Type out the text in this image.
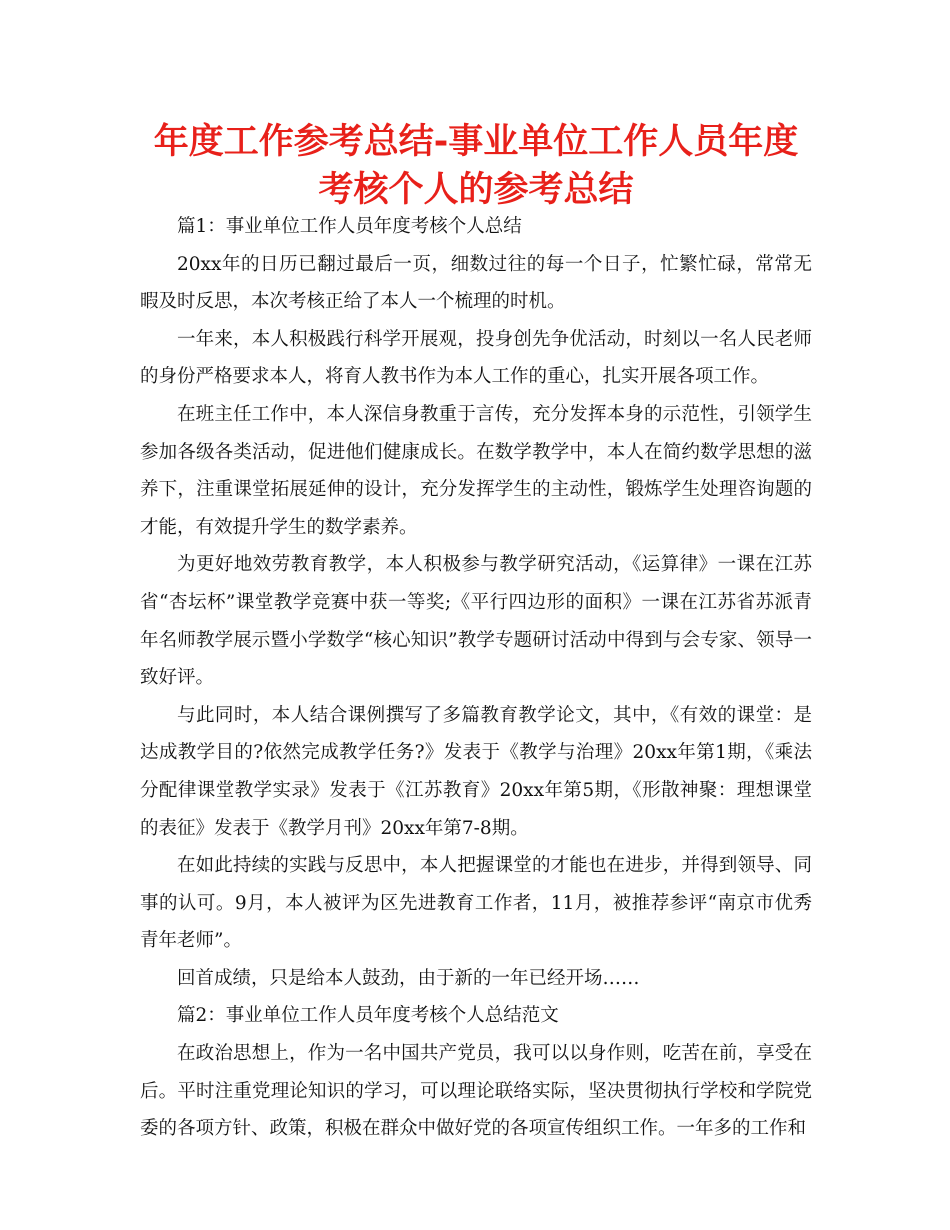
年度工作参考总结-事业单位工作人员年度考核个人的参考总结

篇1：事业单位工作人员年度考核个人总结

20xx年的日历已翻过最后一页，细数过往的每一个日子，忙繁忙碌，常常无暇及时反思，本次考核正给了本人一个梳理的时机。

一年来，本人积极践行科学开展观，投身创先争优活动，时刻以一名人民老师的身份严格要求本人，将育人教书作为本人工作的重心，扎实开展各项工作。

在班主任工作中，本人深信身教重于言传，充分发挥本身的示范性，引领学生参加各级各类活动，促进他们健康成长。在数学教学中，本人在简约数学思想的滋养下，注重课堂拓展延伸的设计，充分发挥学生的主动性，锻炼学生处理咨询题的才能，有效提升学生的数学素养。

为更好地效劳教育教学，本人积极参与教学研究活动，《运算律》一课在江苏省“杏坛杯”课堂教学竞赛中获一等奖;《平行四边形的面积》一课在江苏省苏派青年名师教学展示暨小学数学“核心知识”教学专题研讨活动中得到与会专家、领导一致好评。

与此同时，本人结合课例撰写了多篇教育教学论文，其中，《有效的课堂：是达成教学目的?依然完成教学任务?》发表于《教学与治理》20xx年第1期，《乘法分配律课堂教学实录》发表于《江苏教育》20xx年第5期，《形散神聚：理想课堂的表征》发表于《教学月刊》20xx年第7-8期。

在如此持续的实践与反思中，本人把握课堂的才能也在进步，并得到领导、同事的认可。9月，本人被评为区先进教育工作者，11月，被推荐参评“南京市优秀青年老师”。

回首成绩，只是给本人鼓劲，由于新的一年已经开场……

篇2：事业单位工作人员年度考核个人总结范文

在政治思想上，作为一名中国共产党员，我可以以身作则，吃苦在前，享受在后。平时注重党理论知识的学习，可以理论联络实际，坚决贯彻执行学校和学院党委的各项方针、政策，积极在群众中做好党的各项宣传组织工作。一年多的工作和
